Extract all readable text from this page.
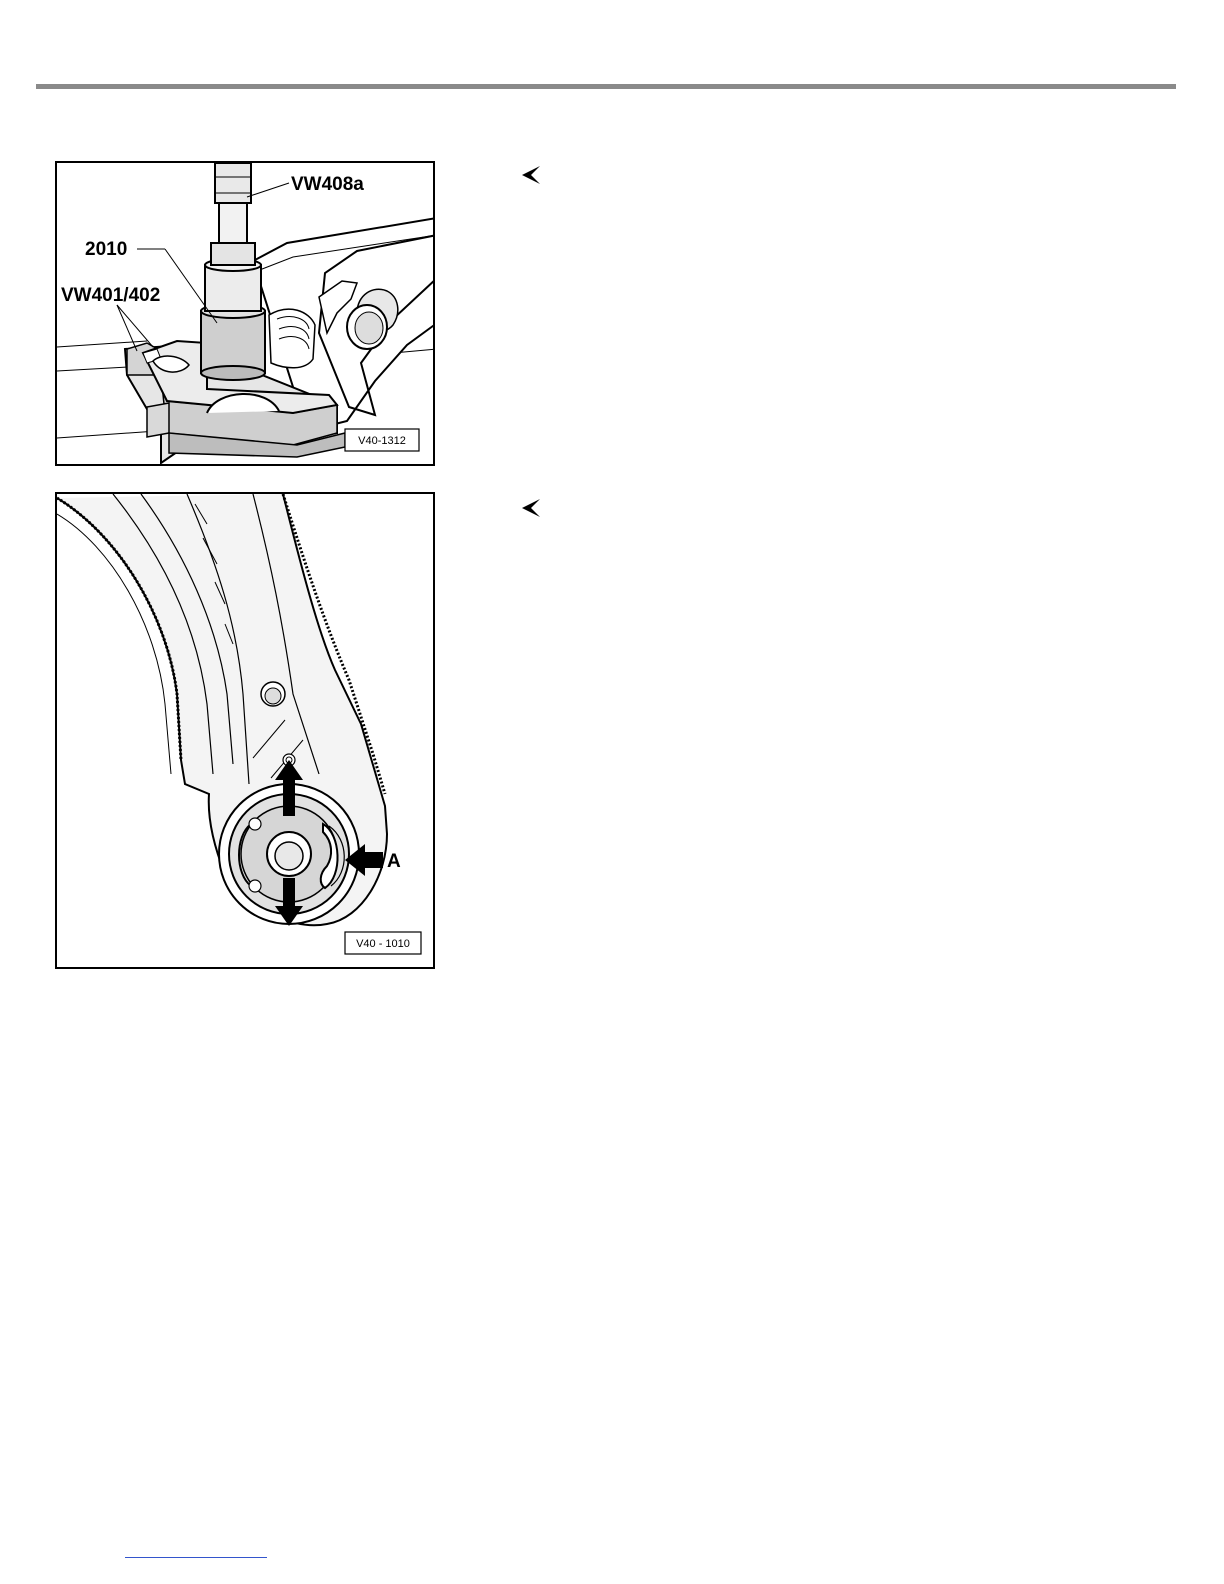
VW408a
2010
VW401/402
V40-1312
A
V40 - 1010
